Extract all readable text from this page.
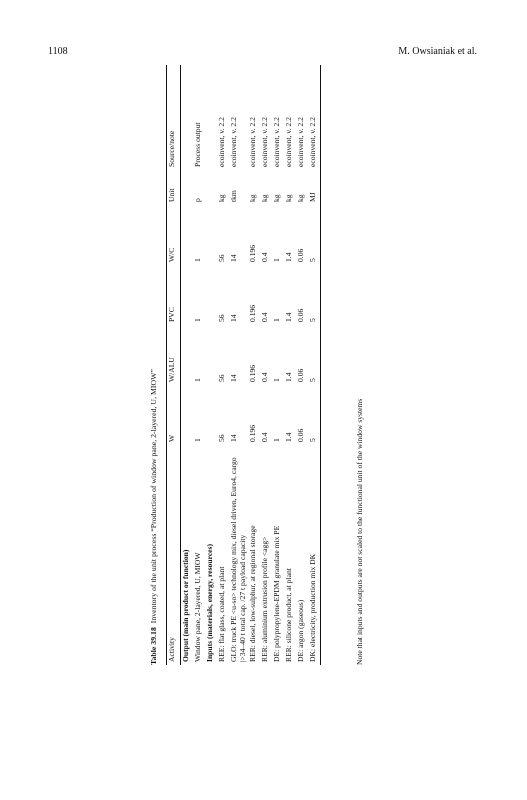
1108	M. Owsianiak et al.
Table 39.18  Inventory of the unit process “Production of window pane, 2-layered, U, MIOW”
Activity	W	W/ALU	PVC	W/C	Unit	Source/note
Output (main product or function)						
Window pane, 2-layered, U, MIOW	1	1	1	1	p	Process output
Inputs (materials, energy, resources)						
REE: flat glass, coated, at plant	56	56	56	56	kg	ecoinvent, v. 2.2
GLO: truck PE <u-so> technology mix, diesel driven, Euro4, cargo |>34–40 t total cap. /27 t payload capacity	14	14	14	14	tkm	ecoinvent, v. 2.2
RER: diesel, low-sulphur, at regional storage	0.196	0.196	0.196	0.196	kg	ecoinvent, v. 2.2
RER: aluminium extrusion profile <agg>	0.4	0.4	0.4	0.4	kg	ecoinvent, v. 2.2
DE: polypropylene-EPDM granulate mix PE	1	1	1	1	kg	ecoinvent, v. 2.2
RER: silicone product, at plant	1.4	1.4	1.4	1.4	kg	ecoinvent, v. 2.2
DE: argon (gaseous)	0.06	0.06	0.06	0.06	kg	ecoinvent, v. 2.2
DK: electricity, production mix DK	5	5	5	5	MJ	ecoinvent, v. 2.2
Note that inputs and outputs are not scaled to the functional unit of the window systems
